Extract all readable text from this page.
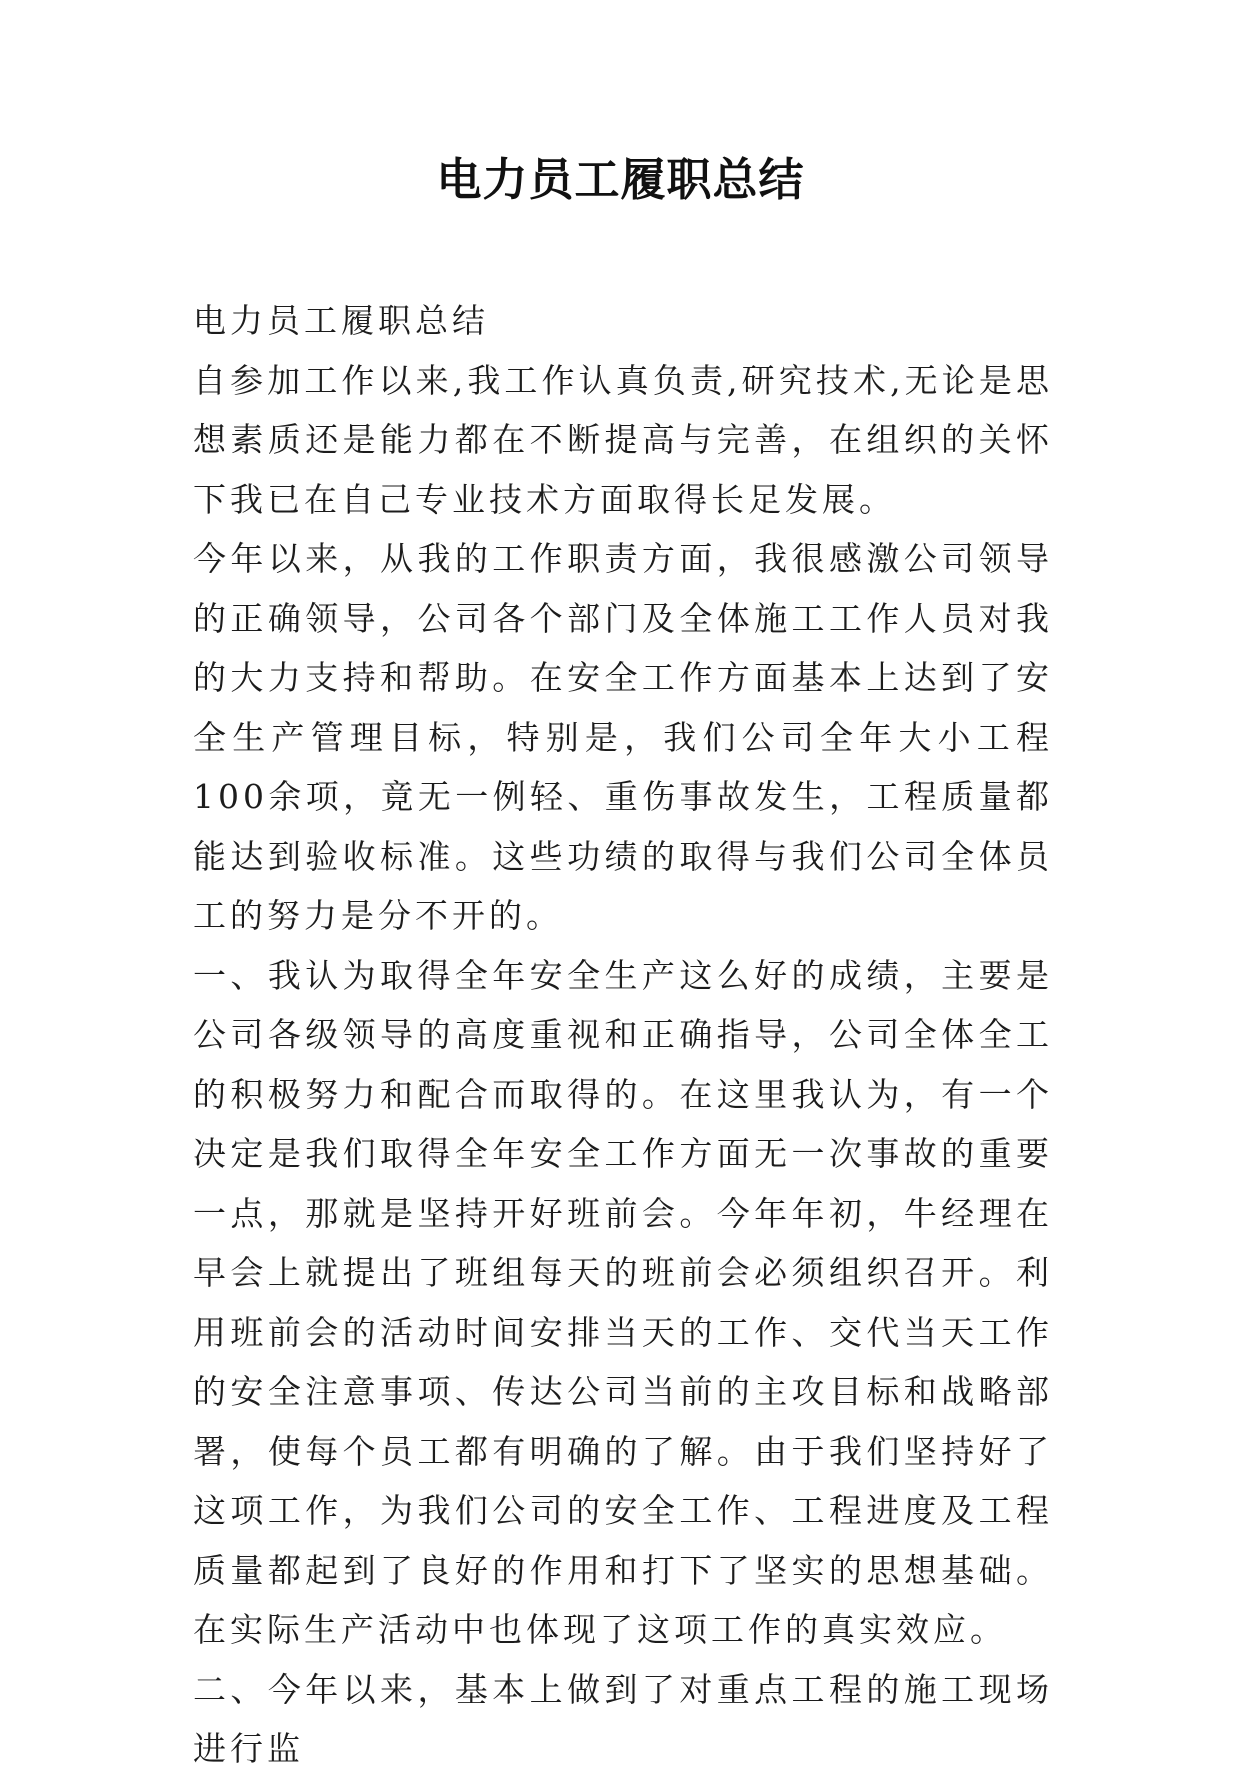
电力员工履职总结

电力员工履职总结

自参加工作以来,我工作认真负责,研究技术,无论是思想素质还是能力都在不断提高与完善，在组织的关怀下我已在自己专业技术方面取得长足发展。

今年以来，从我的工作职责方面，我很感激公司领导的正确领导，公司各个部门及全体施工工作人员对我的大力支持和帮助。在安全工作方面基本上达到了安全生产管理目标，特别是，我们公司全年大小工程100余项，竟无一例轻、重伤事故发生，工程质量都能达到验收标准。这些功绩的取得与我们公司全体员工的努力是分不开的。

一、我认为取得全年安全生产这么好的成绩，主要是公司各级领导的高度重视和正确指导，公司全体全工的积极努力和配合而取得的。在这里我认为，有一个决定是我们取得全年安全工作方面无一次事故的重要一点，那就是坚持开好班前会。今年年初，牛经理在早会上就提出了班组每天的班前会必须组织召开。利用班前会的活动时间安排当天的工作、交代当天工作的安全注意事项、传达公司当前的主攻目标和战略部署，使每个员工都有明确的了解。由于我们坚持好了这项工作，为我们公司的安全工作、工程进度及工程质量都起到了良好的作用和打下了坚实的思想基础。在实际生产活动中也体现了这项工作的真实效应。

二、今年以来，基本上做到了对重点工程的施工现场进行监
